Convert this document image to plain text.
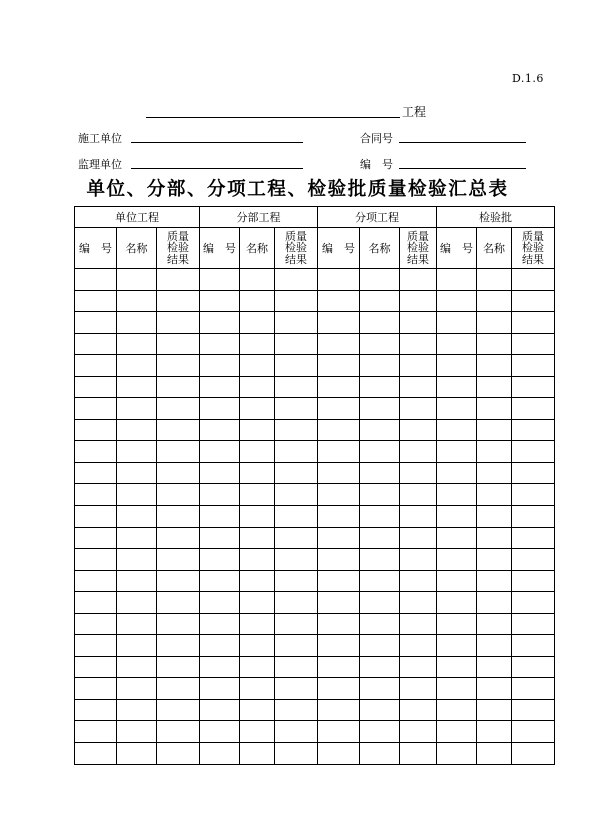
D.1.6
工程
施工单位	合同号
监理单位	编　号
单位、分部、分项工程、检验批质量检验汇总表
单位工程			分部工程			分项工程			检验批		
编　号	名称	质量
检验
结果	编　号	名称	质量
检验
结果	编　号	名称	质量
检验
结果	编　号	名称	质量
检验
结果
